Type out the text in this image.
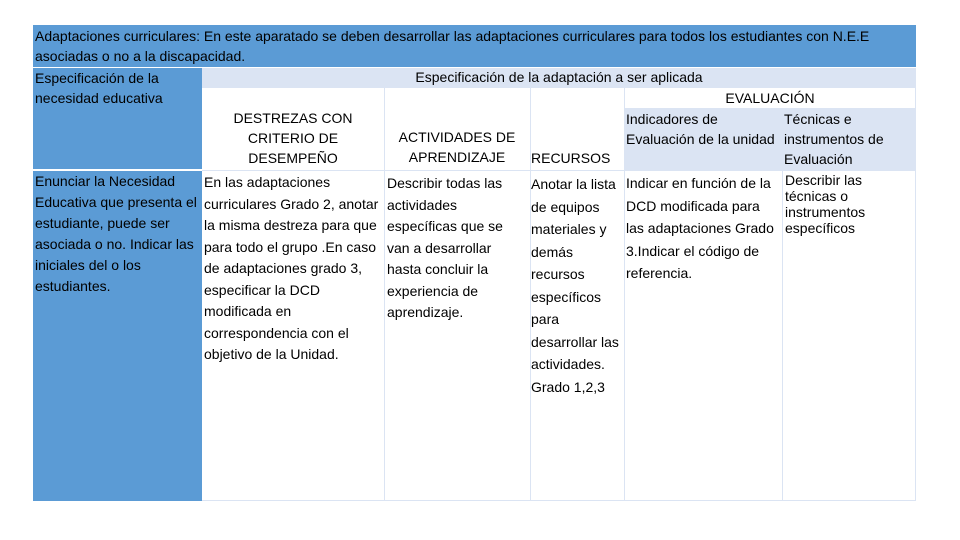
Adaptaciones curriculares: En este aparatado se deben desarrollar las adaptaciones curriculares para todos los estudiantes con N.E.E asociadas o no a la discapacidad.
Especificación de la necesidad educativa
Enunciar la Necesidad Educativa que presenta el estudiante, puede ser asociada o no. Indicar las iniciales del o los estudiantes.
Especificación de la adaptación a ser aplicada
DESTREZAS CON CRITERIO DE DESEMPEÑO
ACTIVIDADES DE APRENDIZAJE	RECURSOS
EVALUACIÓN
Indicadores de Evaluación de la unidad
Técnicas e instrumentos de Evaluación
En las adaptaciones curriculares Grado 2, anotar la misma destreza para que para todo el grupo .En caso de adaptaciones grado 3, especificar la DCD modificada en correspondencia con el objetivo de la Unidad.
Describir todas las actividades específicas que se van a desarrollar hasta concluir la experiencia de aprendizaje.
Anotar la lista de equipos materiales y demás recursos específicos para desarrollar las actividades. Grado 1,2,3
Indicar en función de la DCD modificada para las adaptaciones Grado 3.Indicar el código de referencia.
Describir las técnicas o instrumentos específicos
